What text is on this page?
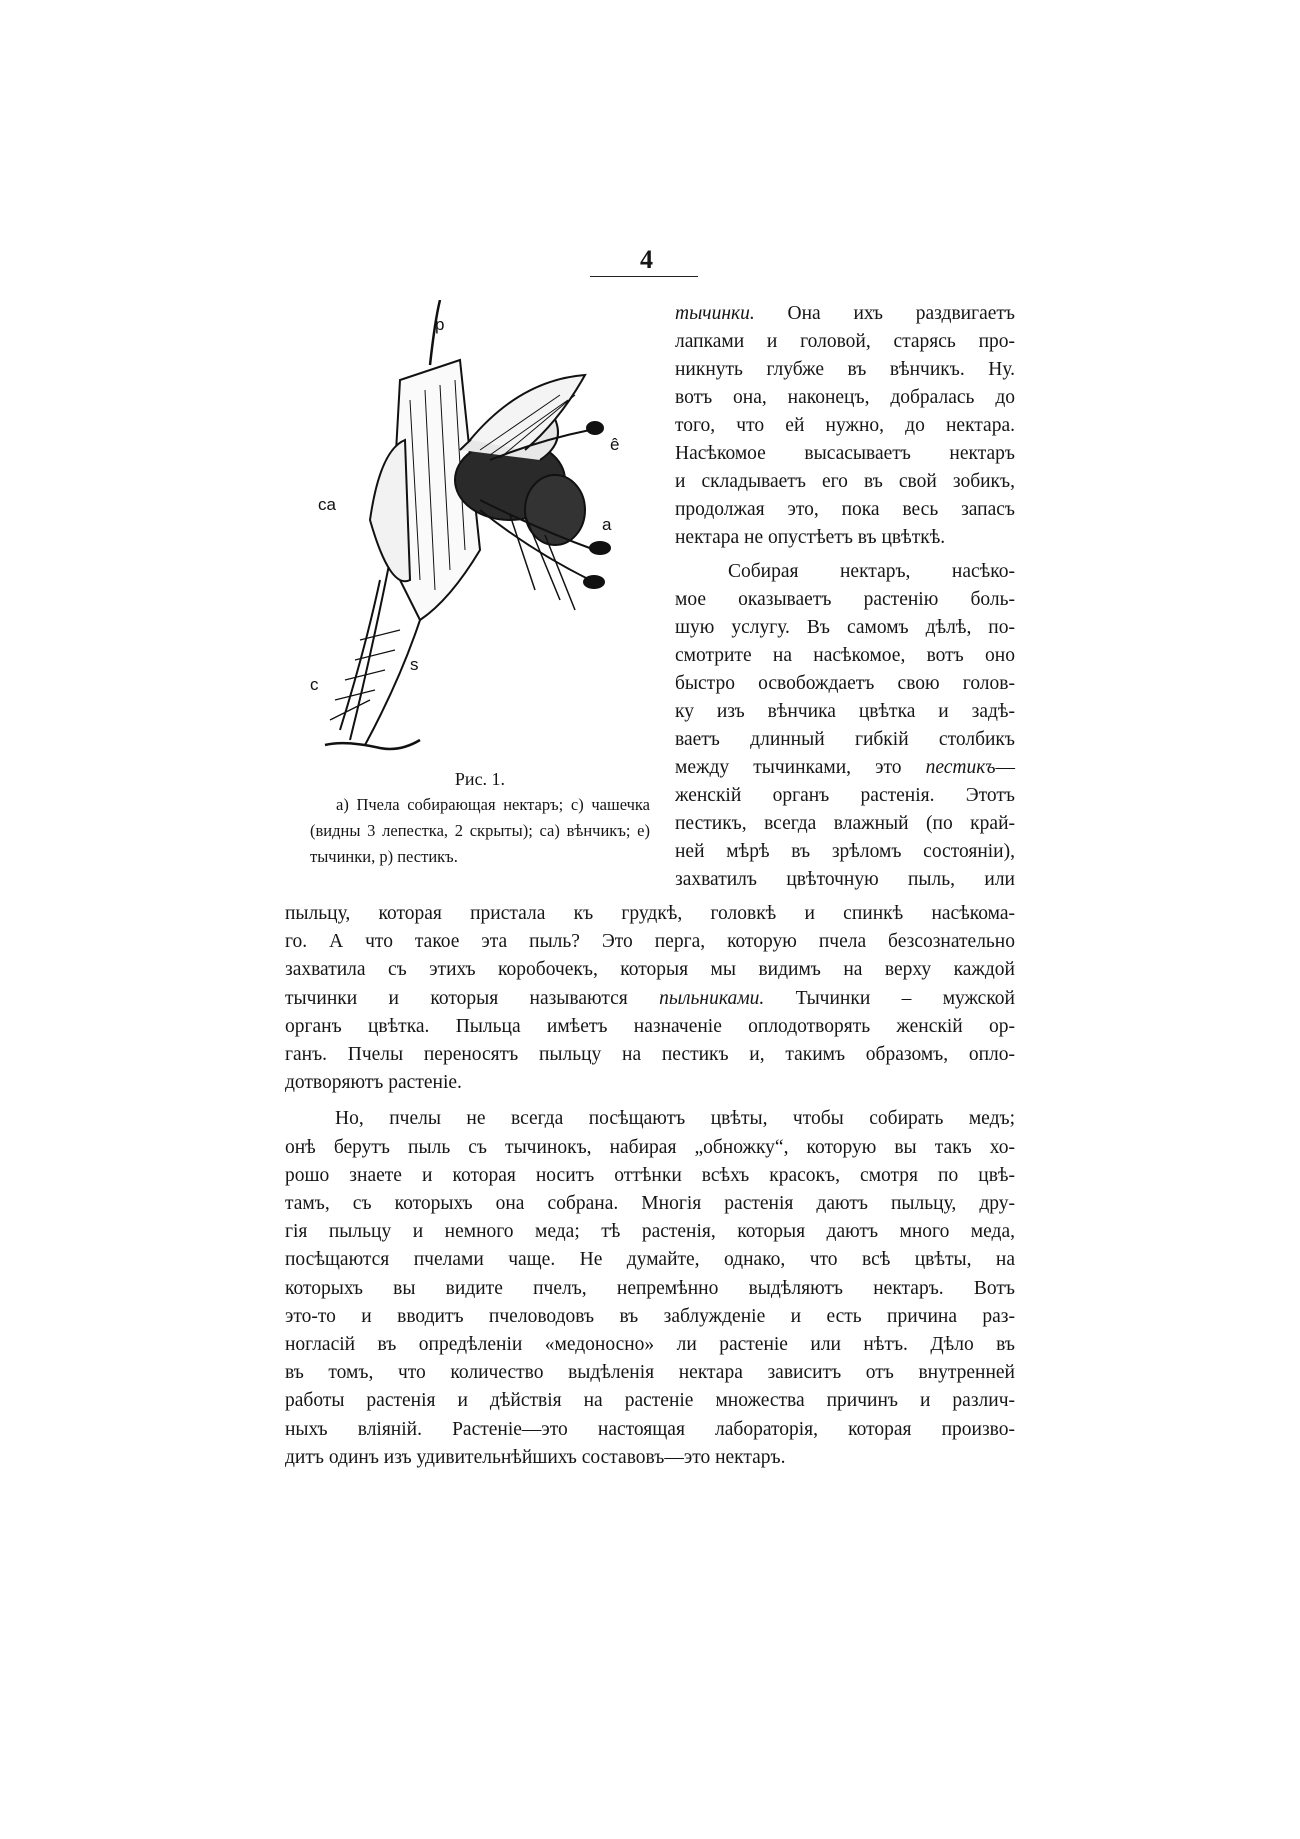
4
p
ê
ca
a
c
s
Рис. 1.
а) Пчела собирающая нектаръ; с) чашечка (видны 3 лепестка, 2 скрыты); са) вѣнчикъ; е) тычинки, р) пестикъ.
тычинки. Она ихъ раздвигаетъ
лапками и головой, старясь про-
никнуть глубже въ вѣнчикъ. Ну.
вотъ она, наконецъ, добралась до
того, что ей нужно, до нектара.
Насѣкомое высасываетъ нектаръ
и складываетъ его въ свой зобикъ,
продолжая это, пока весь запасъ
нектара не опустѣетъ въ цвѣткѣ.
Собирая нектаръ, насѣко-
мое оказываетъ растенію боль-
шую услугу. Въ самомъ дѣлѣ, по-
смотрите на насѣкомое, вотъ оно
быстро освобождаетъ свою голов-
ку изъ вѣнчика цвѣтка и задѣ-
ваетъ длинный гибкій столбикъ
между тычинками, это пестикъ—
женскій органъ растенія. Этотъ
пестикъ, всегда влажный (по край-
ней мѣрѣ въ зрѣломъ состояніи),
захватилъ цвѣточную пыль, или
пыльцу, которая пристала къ грудкѣ, головкѣ и спинкѣ насѣкома-
го. А что такое эта пыль? Это перга, которую пчела безсознательно
захватила съ этихъ коробочекъ, которыя мы видимъ на верху каждой
тычинки и которыя называются пыльниками. Тычинки – мужской
органъ цвѣтка. Пыльца имѣетъ назначеніе оплодотворять женскій ор-
ганъ. Пчелы переносятъ пыльцу на пестикъ и, такимъ образомъ, опло-
дотворяютъ растеніе.
Но, пчелы не всегда посѣщаютъ цвѣты, чтобы собирать медъ;
онѣ берутъ пыль съ тычинокъ, набирая „обножку“, которую вы такъ хо-
рошо знаете и которая носитъ оттѣнки всѣхъ красокъ, смотря по цвѣ-
тамъ, съ которыхъ она собрана. Многія растенія даютъ пыльцу, дру-
гія пыльцу и немного меда; тѣ растенія, которыя даютъ много меда,
посѣщаются пчелами чаще. Не думайте, однако, что всѣ цвѣты, на
которыхъ вы видите пчелъ, непремѣнно выдѣляютъ нектаръ. Вотъ
это-то и вводитъ пчеловодовъ въ заблужденіе и есть причина раз-
ногласій въ опредѣленіи «медоносно» ли растеніе или нѣтъ. Дѣло въ
въ томъ, что количество выдѣленія нектара зависитъ отъ внутренней
работы растенія и дѣйствія на растеніе множества причинъ и различ-
ныхъ вліяній. Растеніе—это настоящая лабораторія, которая произво-
дитъ одинъ изъ удивительнѣйшихъ составовъ—это нектаръ.
